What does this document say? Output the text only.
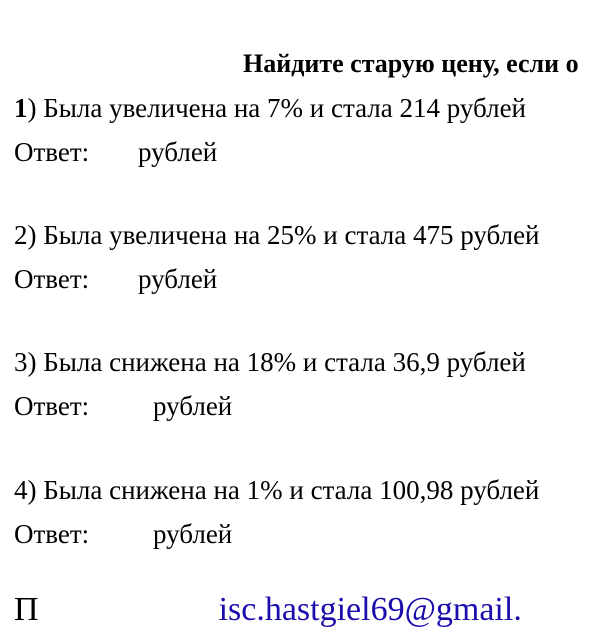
Найдите старую цену, если о
1) Была увеличена на 7% и стала 214 рублей
Ответ: рублей
2) Была увеличена на 25% и стала 475 рублей
Ответ: рублей
3) Была снижена на 18% и стала 36,9 рублей
Ответ: рублей
4) Была снижена на 1% и стала 100,98 рублей
Ответ: рублей
П	isc.hastgiel69@gmail.
